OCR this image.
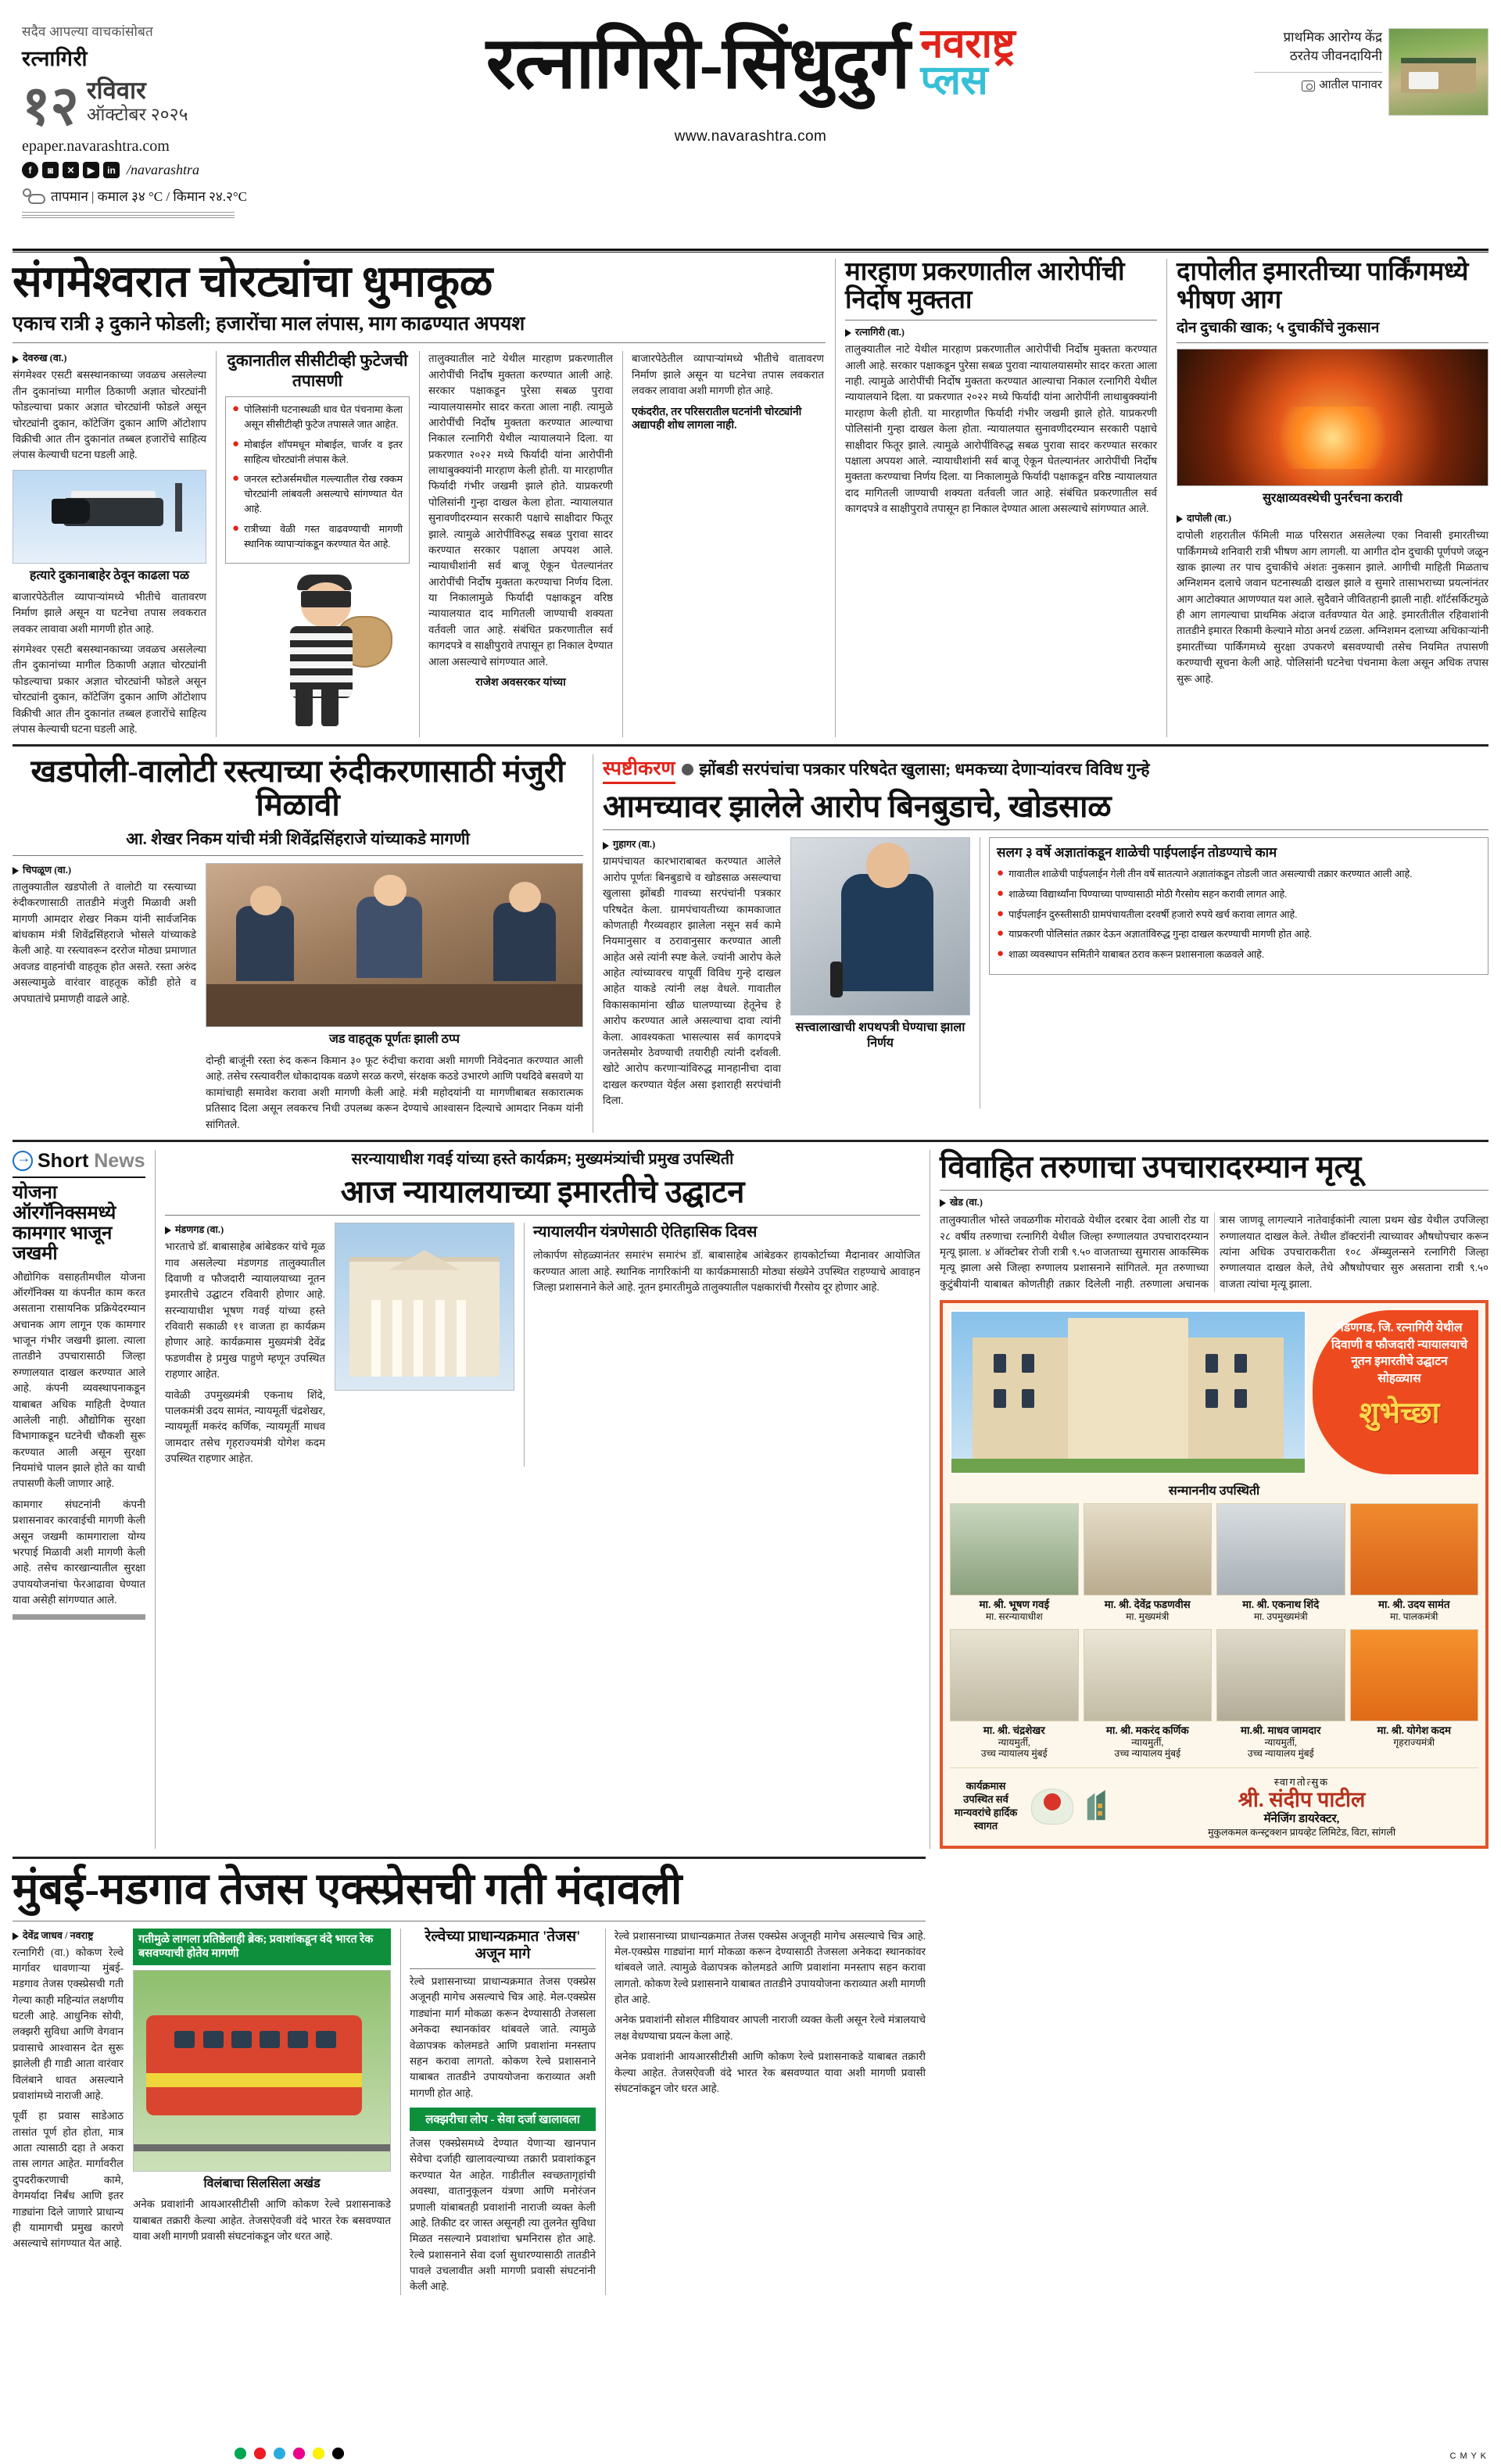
सदैव आपल्या वाचकांसोबत
रत्नागिरी
१२ रविवार
ऑक्टोबर २०२५
epaper.navarashtra.com
f	◙	✕	▶	in /navarashtra
तापमान | कमाल ३४ °C / किमान २४.२°C
रत्नागिरी-सिंधुदुर्ग नवराष्ट्र
प्लस
www.navarashtra.com
प्राथमिक आरोग्य केंद्र ठरतेय जीवनदायिनी
आतील पानावर
संगमेश्वरात चोरट्यांचा धुमाकूळ
एकाच रात्री ३ दुकाने फोडली; हजारोंचा माल लंपास, माग काढण्यात अपयश
देवरुख (वा.)
संगमेश्वर एसटी बसस्थानकाच्या जवळच असलेल्या तीन दुकानांच्या मागील ठिकाणी अज्ञात चोरट्यांनी फोडल्याचा प्रकार अज्ञात चोरट्यांनी फोडले असून चोरट्यांनी दुकान, कॉटेजिंग दुकान आणि ऑटोशाप विक्रीची आत तीन दुकानांत तब्बल हजारोंचे साहित्य लंपास केल्याची घटना घडली आहे.
हत्यारे दुकानाबाहेर ठेवून काढला पळ
बाजारपेठेतील व्यापाऱ्यांमध्ये भीतीचे वातावरण निर्माण झाले असून या घटनेचा तपास लवकरात लवकर लावावा अशी मागणी होत आहे.
संगमेश्वर एसटी बसस्थानकाच्या जवळच असलेल्या तीन दुकानांच्या मागील ठिकाणी अज्ञात चोरट्यांनी फोडल्याचा प्रकार अज्ञात चोरट्यांनी फोडले असून चोरट्यांनी दुकान, कॉटेजिंग दुकान आणि ऑटोशाप विक्रीची आत तीन दुकानांत तब्बल हजारोंचे साहित्य लंपास केल्याची घटना घडली आहे.
दुकानातील सीसीटीव्ही फुटेजची तपासणी
● पोलिसांनी घटनास्थळी धाव घेत पंचनामा केला असून सीसीटीव्ही फुटेज तपासले जात आहेत.
● मोबाईल शॉपमधून मोबाईल, चार्जर व इतर साहित्य चोरट्यांनी लंपास केले.
● जनरल स्टोअर्समधील गल्ल्यातील रोख रक्कम चोरट्यांनी लांबवली असल्याचे सांगण्यात येत आहे.
● रात्रीच्या वेळी गस्त वाढवण्याची मागणी स्थानिक व्यापाऱ्यांकडून करण्यात येत आहे.
तालुक्यातील नाटे येथील मारहाण प्रकरणातील आरोपींची निर्दोष मुक्तता करण्यात आली आहे. सरकार पक्षाकडून पुरेसा सबळ पुरावा न्यायालयासमोर सादर करता आला नाही. त्यामुळे आरोपींची निर्दोष मुक्तता करण्यात आल्याचा निकाल रत्नागिरी येथील न्यायालयाने दिला. या प्रकरणात २०२२ मध्ये फिर्यादी यांना आरोपींनी लाथाबुक्क्यांनी मारहाण केली होती. या मारहाणीत फिर्यादी गंभीर जखमी झाले होते. याप्रकरणी पोलिसांनी गुन्हा दाखल केला होता. न्यायालयात सुनावणीदरम्यान सरकारी पक्षाचे साक्षीदार फितूर झाले. त्यामुळे आरोपींविरुद्ध सबळ पुरावा सादर करण्यात सरकार पक्षाला अपयश आले. न्यायाधीशांनी सर्व बाजू ऐकून घेतल्यानंतर आरोपींची निर्दोष मुक्तता करण्याचा निर्णय दिला. या निकालामुळे फिर्यादी पक्षाकडून वरिष्ठ न्यायालयात दाद मागितली जाण्याची शक्यता वर्तवली जात आहे. संबंधित प्रकरणातील सर्व कागदपत्रे व साक्षीपुरावे तपासून हा निकाल देण्यात आला असल्याचे सांगण्यात आले.
राजेश अवसरकर यांच्या
बाजारपेठेतील व्यापाऱ्यांमध्ये भीतीचे वातावरण निर्माण झाले असून या घटनेचा तपास लवकरात लवकर लावावा अशी मागणी होत आहे.
एकंदरीत, तर परिसरातील घटनांनी चोरट्यांनी अद्यापही शोध लागला नाही.
मारहाण प्रकरणातील आरोपींची निर्दोष मुक्तता
रत्नागिरी (वा.)
तालुक्यातील नाटे येथील मारहाण प्रकरणातील आरोपींची निर्दोष मुक्तता करण्यात आली आहे. सरकार पक्षाकडून पुरेसा सबळ पुरावा न्यायालयासमोर सादर करता आला नाही. त्यामुळे आरोपींची निर्दोष मुक्तता करण्यात आल्याचा निकाल रत्नागिरी येथील न्यायालयाने दिला. या प्रकरणात २०२२ मध्ये फिर्यादी यांना आरोपींनी लाथाबुक्क्यांनी मारहाण केली होती. या मारहाणीत फिर्यादी गंभीर जखमी झाले होते. याप्रकरणी पोलिसांनी गुन्हा दाखल केला होता. न्यायालयात सुनावणीदरम्यान सरकारी पक्षाचे साक्षीदार फितूर झाले. त्यामुळे आरोपींविरुद्ध सबळ पुरावा सादर करण्यात सरकार पक्षाला अपयश आले. न्यायाधीशांनी सर्व बाजू ऐकून घेतल्यानंतर आरोपींची निर्दोष मुक्तता करण्याचा निर्णय दिला. या निकालामुळे फिर्यादी पक्षाकडून वरिष्ठ न्यायालयात दाद मागितली जाण्याची शक्यता वर्तवली जात आहे. संबंधित प्रकरणातील सर्व कागदपत्रे व साक्षीपुरावे तपासून हा निकाल देण्यात आला असल्याचे सांगण्यात आले.
दापोलीत इमारतीच्या पार्किंगमध्ये भीषण आग
दोन दुचाकी खाक; ५ दुचाकींचे नुकसान
सुरक्षाव्यवस्थेची पुनर्रचना करावी
दापोली (वा.)
दापोली शहरातील फॅमिली माळ परिसरात असलेल्या एका निवासी इमारतीच्या पार्किंगमध्ये शनिवारी रात्री भीषण आग लागली. या आगीत दोन दुचाकी पूर्णपणे जळून खाक झाल्या तर पाच दुचाकींचे अंशतः नुकसान झाले. आगीची माहिती मिळताच अग्निशमन दलाचे जवान घटनास्थळी दाखल झाले व सुमारे तासाभराच्या प्रयत्नांनंतर आग आटोक्यात आणण्यात यश आले. सुदैवाने जीवितहानी झाली नाही. शॉर्टसर्किटमुळे ही आग लागल्याचा प्राथमिक अंदाज वर्तवण्यात येत आहे. इमारतीतील रहिवाशांनी तातडीने इमारत रिकामी केल्याने मोठा अनर्थ टळला. अग्निशमन दलाच्या अधिकाऱ्यांनी इमारतींच्या पार्किंगमध्ये सुरक्षा उपकरणे बसवण्याची तसेच नियमित तपासणी करण्याची सूचना केली आहे. पोलिसांनी घटनेचा पंचनामा केला असून अधिक तपास सुरू आहे.
खडपोली-वालोटी रस्त्याच्या रुंदीकरणासाठी मंजुरी मिळावी
आ. शेखर निकम यांची मंत्री शिवेंद्रसिंहराजे यांच्याकडे मागणी
चिपळूण (वा.)
तालुक्यातील खडपोली ते वालोटी या रस्त्याच्या रुंदीकरणासाठी तातडीने मंजुरी मिळावी अशी मागणी आमदार शेखर निकम यांनी सार्वजनिक बांधकाम मंत्री शिवेंद्रसिंहराजे भोसले यांच्याकडे केली आहे. या रस्त्यावरून दररोज मोठ्या प्रमाणात अवजड वाहनांची वाहतूक होत असते. रस्ता अरुंद असल्यामुळे वारंवार वाहतूक कोंडी होते व अपघातांचे प्रमाणही वाढले आहे.
जड वाहतूक पूर्णतः झाली ठप्प
दोन्ही बाजूंनी रस्ता रुंद करून किमान ३० फूट रुंदीचा करावा अशी मागणी निवेदनात करण्यात आली आहे. तसेच रस्त्यावरील धोकादायक वळणे सरळ करणे, संरक्षक कठडे उभारणे आणि पथदिवे बसवणे या कामांचाही समावेश करावा अशी मागणी केली आहे. मंत्री महोदयांनी या मागणीबाबत सकारात्मक प्रतिसाद दिला असून लवकरच निधी उपलब्ध करून देण्याचे आश्वासन दिल्याचे आमदार निकम यांनी सांगितले.
स्पष्टीकरण झोंबडी सरपंचांचा पत्रकार परिषदेत खुलासा; धमकच्या देणाऱ्यांवरच विविध गुन्हे
आमच्यावर झालेले आरोप बिनबुडाचे, खोडसाळ
गुहागर (वा.)
ग्रामपंचायत कारभाराबाबत करण्यात आलेले आरोप पूर्णतः बिनबुडाचे व खोडसाळ असल्याचा खुलासा झोंबडी गावच्या सरपंचांनी पत्रकार परिषदेत केला. ग्रामपंचायतीच्या कामकाजात कोणताही गैरव्यवहार झालेला नसून सर्व कामे नियमानुसार व ठरावानुसार करण्यात आली आहेत असे त्यांनी स्पष्ट केले. ज्यांनी आरोप केले आहेत त्यांच्यावरच यापूर्वी विविध गुन्हे दाखल आहेत याकडे त्यांनी लक्ष वेधले. गावातील विकासकामांना खीळ घालण्याच्या हेतूनेच हे आरोप करण्यात आले असल्याचा दावा त्यांनी केला. आवश्यकता भासल्यास सर्व कागदपत्रे जनतेसमोर ठेवण्याची तयारीही त्यांनी दर्शवली. खोटे आरोप करणाऱ्यांविरुद्ध मानहानीचा दावा दाखल करण्यात येईल असा इशाराही सरपंचांनी दिला.
सत्त्वालाखाची शपथपत्री घेण्याचा झाला निर्णय
सलग ३ वर्षे अज्ञातांकडून शाळेची पाईपलाईन तोडण्याचे काम
● गावातील शाळेची पाईपलाईन गेली तीन वर्षे सातत्याने अज्ञातांकडून तोडली जात असल्याची तक्रार करण्यात आली आहे.
● शाळेच्या विद्यार्थ्यांना पिण्याच्या पाण्यासाठी मोठी गैरसोय सहन करावी लागत आहे.
● पाईपलाईन दुरुस्तीसाठी ग्रामपंचायतीला दरवर्षी हजारो रुपये खर्च करावा लागत आहे.
● याप्रकरणी पोलिसांत तक्रार देऊन अज्ञातांविरुद्ध गुन्हा दाखल करण्याची मागणी होत आहे.
● शाळा व्यवस्थापन समितीने याबाबत ठराव करून प्रशासनाला कळवले आहे.
→
Short News
योजना ऑरगॅनिक्समध्ये कामगार भाजून जखमी
औद्योगिक वसाहतीमधील योजना ऑरगॅनिक्स या कंपनीत काम करत असताना रासायनिक प्रक्रियेदरम्यान अचानक आग लागून एक कामगार भाजून गंभीर जखमी झाला. त्याला तातडीने उपचारासाठी जिल्हा रुग्णालयात दाखल करण्यात आले आहे. कंपनी व्यवस्थापनाकडून याबाबत अधिक माहिती देण्यात आलेली नाही. औद्योगिक सुरक्षा विभागाकडून घटनेची चौकशी सुरू करण्यात आली असून सुरक्षा नियमांचे पालन झाले होते का याची तपासणी केली जाणार आहे.
कामगार संघटनांनी कंपनी प्रशासनावर कारवाईची मागणी केली असून जखमी कामगाराला योग्य भरपाई मिळावी अशी मागणी केली आहे. तसेच कारखान्यातील सुरक्षा उपाययोजनांचा फेरआढावा घेण्यात यावा असेही सांगण्यात आले.
सरन्यायाधीश गवई यांच्या हस्ते कार्यक्रम; मुख्यमंत्र्यांची प्रमुख उपस्थिती
आज न्यायालयाच्या इमारतीचे उद्घाटन
मंडणगड (वा.)
भारताचे डॉ. बाबासाहेब आंबेडकर यांचे मूळ गाव असलेल्या मंडणगड तालुक्यातील दिवाणी व फौजदारी न्यायालयाच्या नूतन इमारतीचे उद्घाटन रविवारी होणार आहे. सरन्यायाधीश भूषण गवई यांच्या हस्ते रविवारी सकाळी ११ वाजता हा कार्यक्रम होणार आहे. कार्यक्रमास मुख्यमंत्री देवेंद्र फडणवीस हे प्रमुख पाहुणे म्हणून उपस्थित राहणार आहेत.
यावेळी उपमुख्यमंत्री एकनाथ शिंदे, पालकमंत्री उदय सामंत, न्यायमूर्ती चंद्रशेखर, न्यायमूर्ती मकरंद कर्णिक, न्यायमूर्ती माधव जामदार तसेच गृहराज्यमंत्री योगेश कदम उपस्थित राहणार आहेत.
न्यायालयीन यंत्रणेसाठी ऐतिहासिक दिवस
लोकार्पण सोहळ्यानंतर समारंभ समारंभ डॉ. बाबासाहेब आंबेडकर हायकोर्टाच्या मैदानावर आयोजित करण्यात आला आहे. स्थानिक नागरिकांनी या कार्यक्रमासाठी मोठ्या संख्येने उपस्थित राहण्याचे आवाहन जिल्हा प्रशासनाने केले आहे. नूतन इमारतीमुळे तालुक्यातील पक्षकारांची गैरसोय दूर होणार आहे.
विवाहित तरुणाचा उपचारादरम्यान मृत्यू
खेड (वा.)
तालुक्यातील भोस्ते जवळगीक मोरावळे येथील दरबार देवा आली रोड या २८ वर्षीय तरुणाचा रत्नागिरी येथील जिल्हा रुग्णालयात उपचारादरम्यान मृत्यू झाला. ४ ऑक्टोबर रोजी रात्री ९.५० वाजताच्या सुमारास आकस्मिक मृत्यू झाला असे जिल्हा रुग्णालय प्रशासनाने सांगितले. मृत तरुणाच्या कुटुंबीयांनी याबाबत कोणतीही तक्रार दिलेली नाही. तरुणाला अचानक त्रास जाणवू लागल्याने नातेवाईकांनी त्याला प्रथम खेड येथील उपजिल्हा रुग्णालयात दाखल केले. तेथील डॉक्टरांनी त्याच्यावर औषधोपचार करून त्यांना अधिक उपचाराकरीता १०८ ॲम्ब्युलन्सने रत्नागिरी जिल्हा रुग्णालयात दाखल केले, तेथे औषधोपचार सुरु असताना रात्री ९.५० वाजता त्यांचा मृत्यू झाला.
मंडणगड, जि. रत्नागिरी येथील दिवाणी व फौजदारी न्यायालयाचे नूतन इमारतीचे उद्घाटन सोहळ्यास
शुभेच्छा
सन्माननीय उपस्थिती
मा. श्री. भूषण गवई
मा. सरन्यायाधीश
मा. श्री. देवेंद्र फडणवीस
मा. मुख्यमंत्री
मा. श्री. एकनाथ शिंदे
मा. उपमुख्यमंत्री
मा. श्री. उदय सामंत
मा. पालकमंत्री
मा. श्री. चंद्रशेखर
न्यायमुर्ती,
उच्च न्यायालय मुंबई
मा. श्री. मकरंद कर्णिक
न्यायमुर्ती,
उच्च न्यायालय मुंबई
मा.श्री. माधव जामदार
न्यायमुर्ती,
उच्च न्यायालय मुंबई
मा. श्री. योगेश कदम
गृहराज्यमंत्री
कार्यक्रमास उपस्थित सर्व मान्यवरांचे हार्दिक स्वागत
स्वागतोत्सुक
श्री. संदीप पाटील
मॅनेजिंग डायरेक्टर,
मुकुलकमल कन्स्ट्रक्शन प्रायव्हेट लिमिटेड, विटा, सांगली
मुंबई-मडगाव तेजस एक्स्प्रेसची गती मंदावली
देवेंद्र जाधव / नवराष्ट्र
रत्नागिरी (वा.) कोकण रेल्वे मार्गावर धावणाऱ्या मुंबई-मडगाव तेजस एक्स्प्रेसची गती गेल्या काही महिन्यांत लक्षणीय घटली आहे. आधुनिक सोयी, लक्झरी सुविधा आणि वेगवान प्रवासाचे आश्वासन देत सुरू झालेली ही गाडी आता वारंवार विलंबाने धावत असल्याने प्रवाशांमध्ये नाराजी आहे.
पूर्वी हा प्रवास साडेआठ तासांत पूर्ण होत होता, मात्र आता त्यासाठी दहा ते अकरा तास लागत आहेत. मार्गावरील दुपदरीकरणाची कामे, वेगमर्यादा निर्बंध आणि इतर गाड्यांना दिले जाणारे प्राधान्य ही यामागची प्रमुख कारणे असल्याचे सांगण्यात येत आहे.
गतीमुळे लागला प्रतिष्ठेलाही ब्रेक; प्रवाशांकडून वंदे भारत रेक बसवण्याची होतेय मागणी
विलंबाचा सिलसिला अखंड
अनेक प्रवाशांनी आयआरसीटीसी आणि कोकण रेल्वे प्रशासनाकडे याबाबत तक्रारी केल्या आहेत. तेजसऐवजी वंदे भारत रेक बसवण्यात यावा अशी मागणी प्रवासी संघटनांकडून जोर धरत आहे.
रेल्वेच्या प्राधान्यक्रमात 'तेजस' अजून मागे
रेल्वे प्रशासनाच्या प्राधान्यक्रमात तेजस एक्स्प्रेस अजूनही मागेच असल्याचे चित्र आहे. मेल-एक्स्प्रेस गाड्यांना मार्ग मोकळा करून देण्यासाठी तेजसला अनेकदा स्थानकांवर थांबवले जाते. त्यामुळे वेळापत्रक कोलमडते आणि प्रवाशांना मनस्ताप सहन करावा लागतो. कोकण रेल्वे प्रशासनाने याबाबत तातडीने उपाययोजना कराव्यात अशी मागणी होत आहे.
लक्झरीचा लोप - सेवा दर्जा खालावला
तेजस एक्स्प्रेसमध्ये देण्यात येणाऱ्या खानपान सेवेचा दर्जाही खालावल्याच्या तक्रारी प्रवाशांकडून करण्यात येत आहेत. गाडीतील स्वच्छतागृहांची अवस्था, वातानुकूलन यंत्रणा आणि मनोरंजन प्रणाली यांबाबतही प्रवाशांनी नाराजी व्यक्त केली आहे. तिकीट दर जास्त असूनही त्या तुलनेत सुविधा मिळत नसल्याने प्रवाशांचा भ्रमनिरास होत आहे. रेल्वे प्रशासनाने सेवा दर्जा सुधारण्यासाठी तातडीने पावले उचलावीत अशी मागणी प्रवासी संघटनांनी केली आहे.
रेल्वे प्रशासनाच्या प्राधान्यक्रमात तेजस एक्स्प्रेस अजूनही मागेच असल्याचे चित्र आहे. मेल-एक्स्प्रेस गाड्यांना मार्ग मोकळा करून देण्यासाठी तेजसला अनेकदा स्थानकांवर थांबवले जाते. त्यामुळे वेळापत्रक कोलमडते आणि प्रवाशांना मनस्ताप सहन करावा लागतो. कोकण रेल्वे प्रशासनाने याबाबत तातडीने उपाययोजना कराव्यात अशी मागणी होत आहे.
अनेक प्रवाशांनी सोशल मीडियावर आपली नाराजी व्यक्त केली असून रेल्वे मंत्रालयाचे लक्ष वेधण्याचा प्रयत्न केला आहे.
अनेक प्रवाशांनी आयआरसीटीसी आणि कोकण रेल्वे प्रशासनाकडे याबाबत तक्रारी केल्या आहेत. तेजसऐवजी वंदे भारत रेक बसवण्यात यावा अशी मागणी प्रवासी संघटनांकडून जोर धरत आहे.
C M Y K
